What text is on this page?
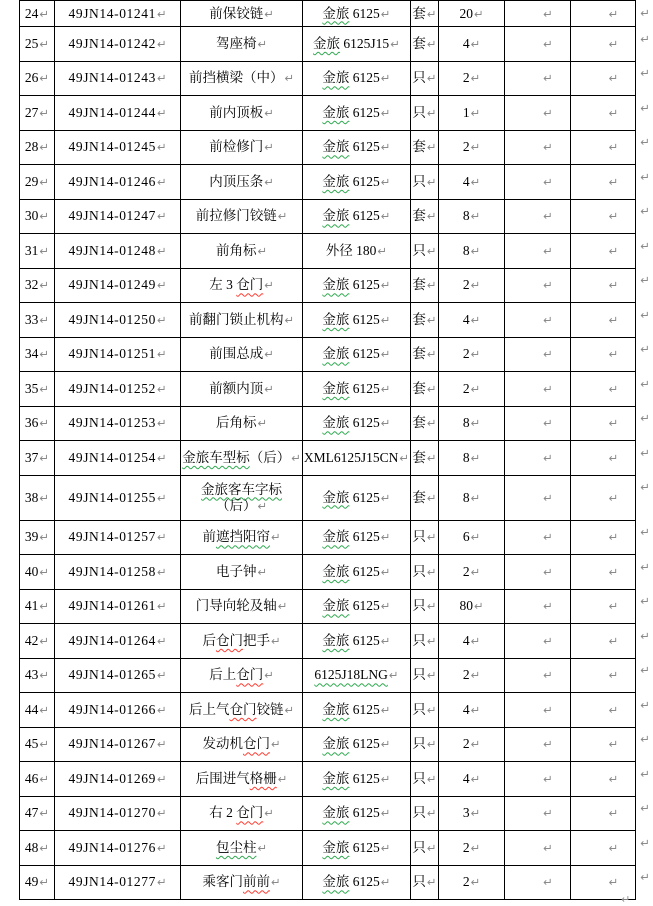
24↵	49JN14-01241↵	前保铰链↵	金旅 6125↵	套↵	20↵	↵	↵	↵
25↵	49JN14-01242↵	驾座椅↵	金旅 6125J15↵	套↵	4↵	↵	↵	↵
26↵	49JN14-01243↵	前挡横梁（中）↵	金旅 6125↵	只↵	2↵	↵	↵	↵
27↵	49JN14-01244↵	前内顶板↵	金旅 6125↵	只↵	1↵	↵	↵	↵
28↵	49JN14-01245↵	前检修门↵	金旅 6125↵	套↵	2↵	↵	↵	↵
29↵	49JN14-01246↵	内顶压条↵	金旅 6125↵	只↵	4↵	↵	↵	↵
30↵	49JN14-01247↵	前拉修门铰链↵	金旅 6125↵	套↵	8↵	↵	↵	↵
31↵	49JN14-01248↵	前角标↵	外径 180↵	只↵	8↵	↵	↵	↵
32↵	49JN14-01249↵	左 3 仓门↵	金旅 6125↵	套↵	2↵	↵	↵	↵
33↵	49JN14-01250↵	前翻门锁止机构↵	金旅 6125↵	套↵	4↵	↵	↵	↵
34↵	49JN14-01251↵	前围总成↵	金旅 6125↵	套↵	2↵	↵	↵	↵
35↵	49JN14-01252↵	前额内顶↵	金旅 6125↵	套↵	2↵	↵	↵	↵
36↵	49JN14-01253↵	后角标↵	金旅 6125↵	套↵	8↵	↵	↵	↵
37↵	49JN14-01254↵	金旅车型标（后）↵	XML6125J15CN↵	套↵	8↵	↵	↵	↵
38↵	49JN14-01255↵	金旅客车字标
（后）↵	金旅 6125↵	套↵	8↵	↵	↵	↵
39↵	49JN14-01257↵	前遮挡阳帘↵	金旅 6125↵	只↵	6↵	↵	↵	↵
40↵	49JN14-01258↵	电子钟↵	金旅 6125↵	只↵	2↵	↵	↵	↵
41↵	49JN14-01261↵	门导向轮及轴↵	金旅 6125↵	只↵	80↵	↵	↵	↵
42↵	49JN14-01264↵	后仓门把手↵	金旅 6125↵	只↵	4↵	↵	↵	↵
43↵	49JN14-01265↵	后上仓门↵	6125J18LNG↵	只↵	2↵	↵	↵	↵
44↵	49JN14-01266↵	后上气仓门铰链↵	金旅 6125↵	只↵	4↵	↵	↵	↵
45↵	49JN14-01267↵	发动机仓门↵	金旅 6125↵	只↵	2↵	↵	↵	↵
46↵	49JN14-01269↵	后围进气格栅↵	金旅 6125↵	只↵	4↵	↵	↵	↵
47↵	49JN14-01270↵	右 2 仓门↵	金旅 6125↵	只↵	3↵	↵	↵	↵
48↵	49JN14-01276↵	包尘柱↵	金旅 6125↵	只↵	2↵	↵	↵	↵
49↵	49JN14-01277↵	乘客门前前↵	金旅 6125↵	只↵	2↵	↵	↵	↵
↵
